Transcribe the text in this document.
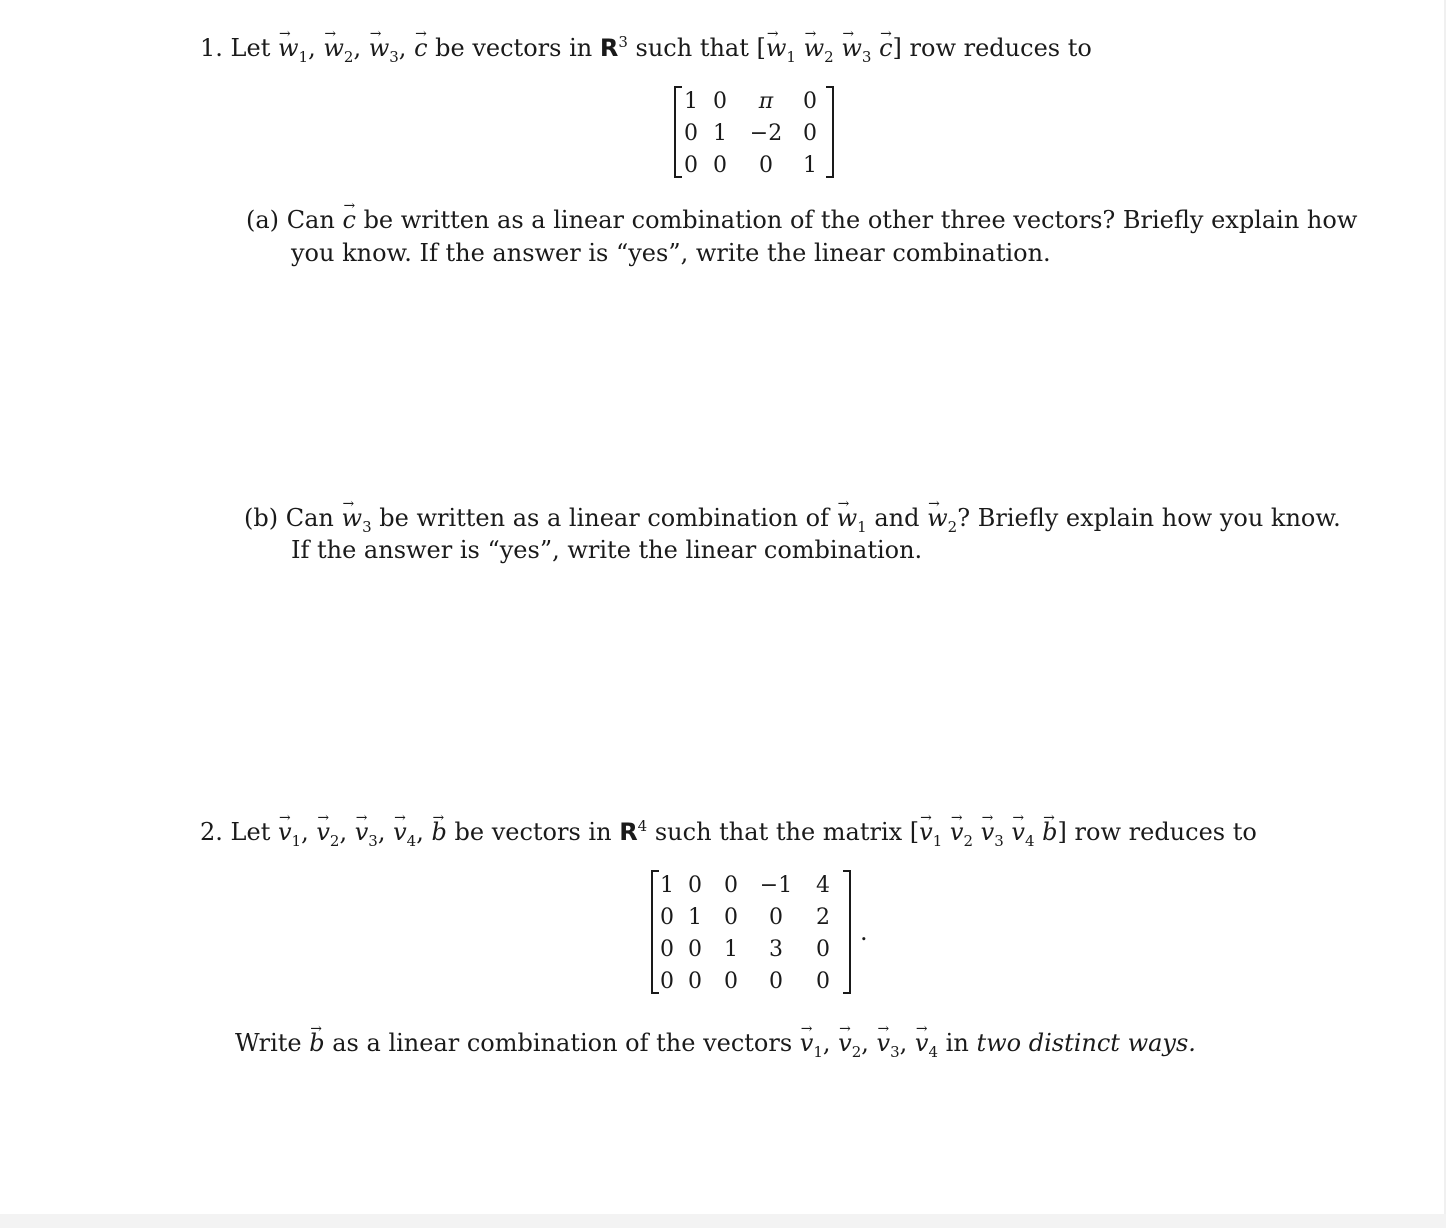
1. Let → $w_1$, → $w_2$, → $w_3$, → c be vectors in $R^3$ such that [→ $w_1 \to w_2 \to w_3 \to c$] row reduces to
1	0	π	0
0	1	−2	0
0	0	0	1
(a) Can → c be written as a linear combination of the other three vectors? Briefly explain how
you know. If the answer is “yes”, write the linear combination.
(b) Can → $w_3$ be written as a linear combination of → $w_1$ and → $w_2$? Briefly explain how you know.
If the answer is “yes”, write the linear combination.
2. Let → $v_1$, → $v_2$, → $v_3$, → $v_4$, → b be vectors in $R^4$ such that the matrix [→ $v_1 \to v_2 \to v_3 \to v_4 \to b$] row reduces to
1	0	0	−1	4
0	1	0	0	2
0	0	1	3	0
0	0	0	0	0
.
Write → b as a linear combination of the vectors → $v_1$, → $v_2$, → $v_3$, → $v_4$ in two distinct ways.
